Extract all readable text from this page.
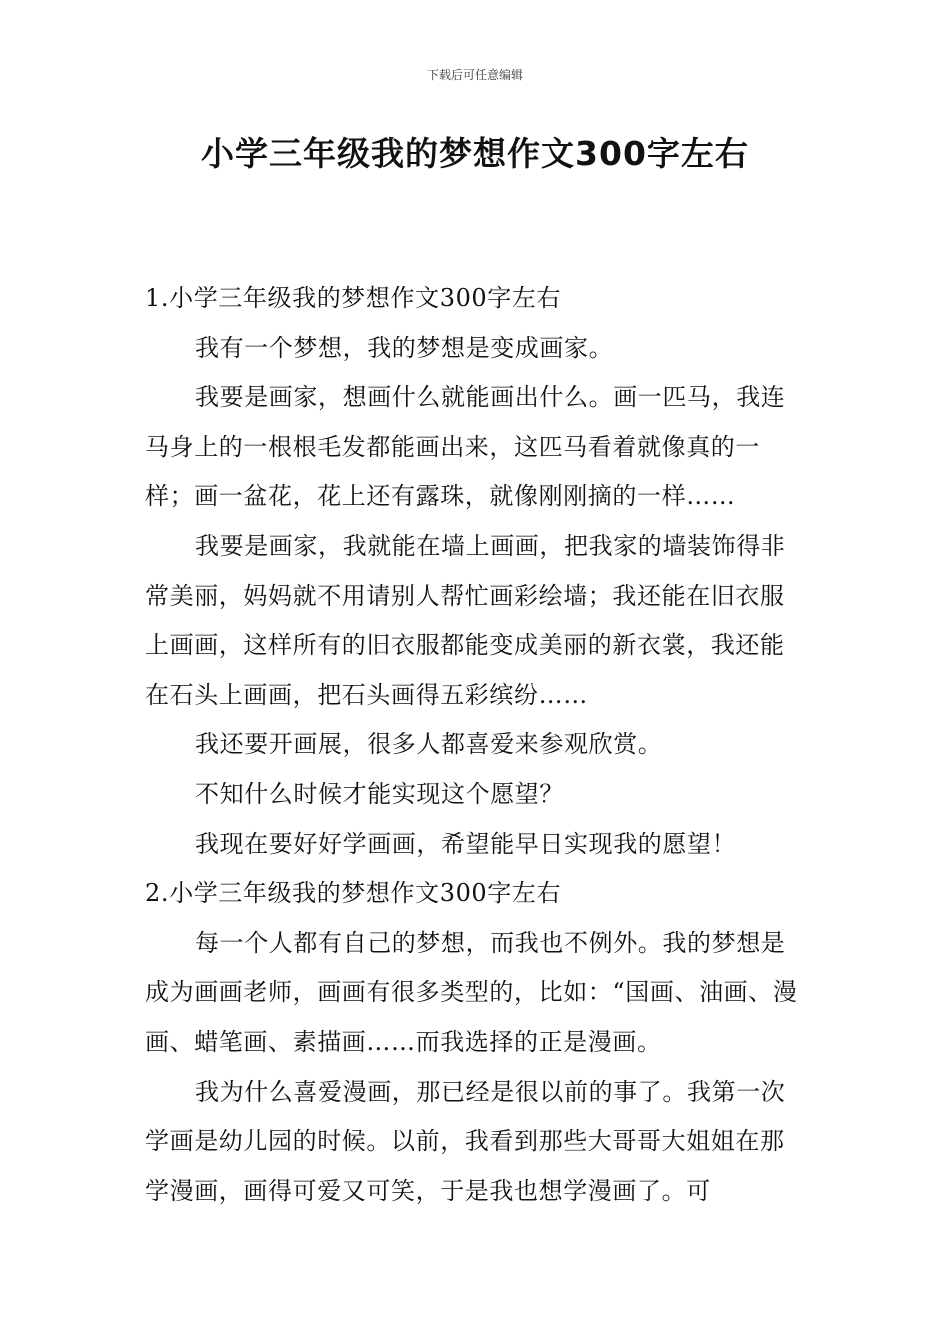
下载后可任意编辑
小学三年级我的梦想作文300字左右

1.小学三年级我的梦想作文300字左右

我有一个梦想，我的梦想是变成画家。

我要是画家，想画什么就能画出什么。画一匹马，我连马身上的一根根毛发都能画出来，这匹马看着就像真的一样；画一盆花，花上还有露珠，就像刚刚摘的一样……

我要是画家，我就能在墙上画画，把我家的墙装饰得非常美丽，妈妈就不用请别人帮忙画彩绘墙；我还能在旧衣服上画画，这样所有的旧衣服都能变成美丽的新衣裳，我还能在石头上画画，把石头画得五彩缤纷……

我还要开画展，很多人都喜爱来参观欣赏。

不知什么时候才能实现这个愿望？

我现在要好好学画画，希望能早日实现我的愿望！

2.小学三年级我的梦想作文300字左右

每一个人都有自己的梦想，而我也不例外。我的梦想是成为画画老师，画画有很多类型的，比如：“国画、油画、漫画、蜡笔画、素描画……而我选择的正是漫画。

我为什么喜爱漫画，那已经是很以前的事了。我第一次学画是幼儿园的时候。以前，我看到那些大哥哥大姐姐在那学漫画，画得可爱又可笑，于是我也想学漫画了。可
